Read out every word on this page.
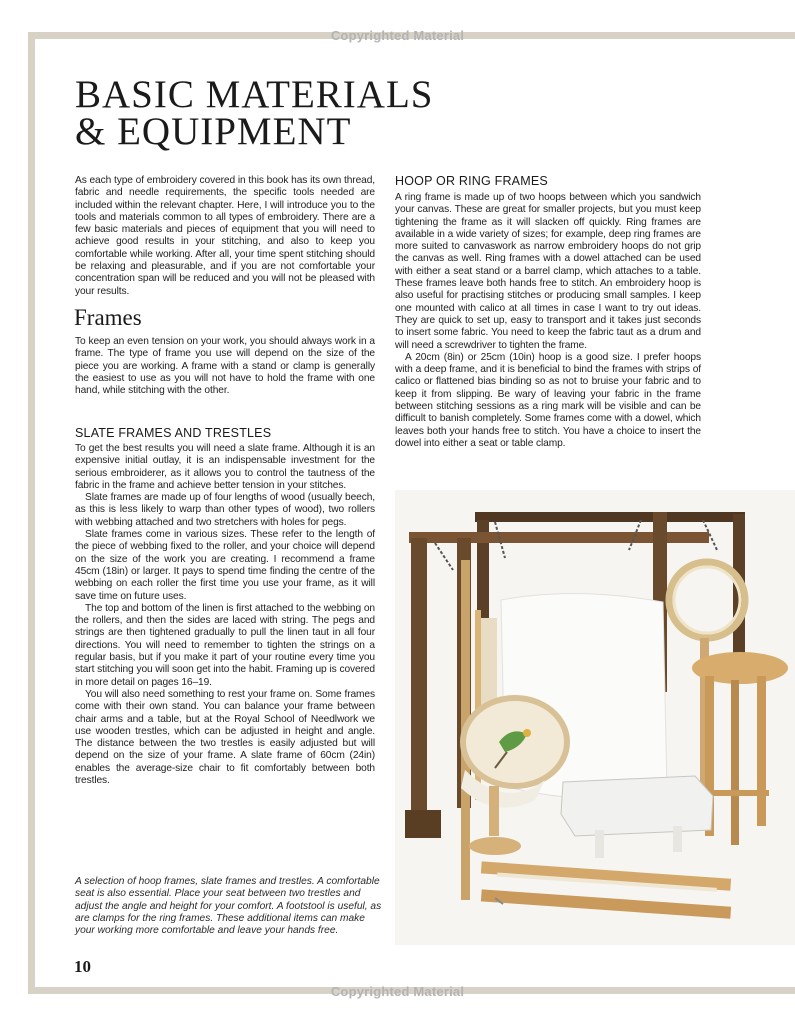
Copyrighted Material
BASIC MATERIALS
& EQUIPMENT

As each type of embroidery covered in this book has its own thread, fabric and needle requirements, the specific tools needed are included within the relevant chapter. Here, I will introduce you to the tools and materials common to all types of embroidery. There are a few basic materials and pieces of equipment that you will need to achieve good results in your stitching, and also to keep you comfortable while working. After all, your time spent stitching should be relaxing and pleasurable, and if you are not comfortable your concentration span will be reduced and you will not be pleased with your results.

Frames

To keep an even tension on your work, you should always work in a frame. The type of frame you use will depend on the size of the piece you are working. A frame with a stand or clamp is generally the easiest to use as you will not have to hold the frame with one hand, while stitching with the other.

SLATE FRAMES AND TRESTLES

To get the best results you will need a slate frame. Although it is an expensive initial outlay, it is an indispensable investment for the serious embroiderer, as it allows you to control the tautness of the fabric in the frame and achieve better tension in your stitches.

Slate frames are made up of four lengths of wood (usually beech, as this is less likely to warp than other types of wood), two rollers with webbing attached and two stretchers with holes for pegs.

Slate frames come in various sizes. These refer to the length of the piece of webbing fixed to the roller, and your choice will depend on the size of the work you are creating. I recommend a frame 45cm (18in) or larger. It pays to spend time finding the centre of the webbing on each roller the first time you use your frame, as it will save time on future uses.

The top and bottom of the linen is first attached to the webbing on the rollers, and then the sides are laced with string. The pegs and strings are then tightened gradually to pull the linen taut in all four directions. You will need to remember to tighten the strings on a regular basis, but if you make it part of your routine every time you start stitching you will soon get into the habit. Framing up is covered in more detail on pages 16–19.

You will also need something to rest your frame on. Some frames come with their own stand. You can balance your frame between chair arms and a table, but at the Royal School of Needlwork we use wooden trestles, which can be adjusted in height and angle. The distance between the two trestles is easily adjusted but will depend on the size of your frame. A slate frame of 60cm (24in) enables the average-size chair to fit comfortably between both trestles.

HOOP OR RING FRAMES

A ring frame is made up of two hoops between which you sandwich your canvas. These are great for smaller projects, but you must keep tightening the frame as it will slacken off quickly. Ring frames are available in a wide variety of sizes; for example, deep ring frames are more suited to canvaswork as narrow embroidery hoops do not grip the canvas as well. Ring frames with a dowel attached can be used with either a seat stand or a barrel clamp, which attaches to a table. These frames leave both hands free to stitch. An embroidery hoop is also useful for practising stitches or producing small samples. I keep one mounted with calico at all times in case I want to try out ideas. They are quick to set up, easy to transport and it takes just seconds to insert some fabric. You need to keep the fabric taut as a drum and will need a screwdriver to tighten the frame.

A 20cm (8in) or 25cm (10in) hoop is a good size. I prefer hoops with a deep frame, and it is beneficial to bind the frames with strips of calico or flattened bias binding so as not to bruise your fabric and to keep it from slipping. Be wary of leaving your fabric in the frame between stitching sessions as a ring mark will be visible and can be difficult to banish completely. Some frames come with a dowel, which leaves both your hands free to stitch. You have a choice to insert the dowel into either a seat or table clamp.

A selection of hoop frames, slate frames and trestles. A comfortable seat is also essential. Place your seat between two trestles and adjust the angle and height for your comfort. A footstool is useful, as are clamps for the ring frames. These additional items can make your working more comfortable and leave your hands free.
10
Copyrighted Material
